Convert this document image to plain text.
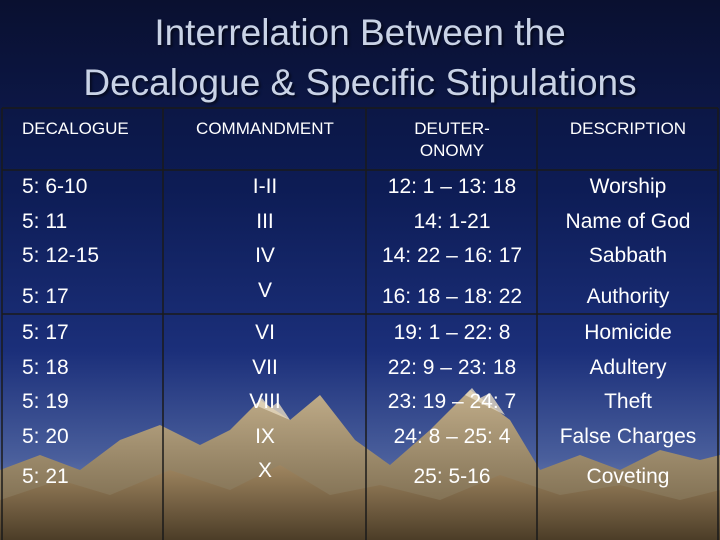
Interrelation Between the
Decalogue & Specific Stipulations
DECALOGUE	COMMANDMENT	DEUTER-
ONOMY
DESCRIPTION
5: 6-10
5: 11
5: 12-15
5: 17
I-II
III
IV
V
12: 1 – 13: 18
14: 1-21
14: 22 – 16: 17
16: 18 – 18: 22
Worship
Name of God
Sabbath
Authority
5: 17
5: 18
5: 19
5: 20
5: 21
VI
VII
VIII
IX
X
19: 1 – 22: 8
22: 9 – 23: 18
23: 19 – 24: 7
24: 8 – 25: 4
25: 5-16
Homicide
Adultery
Theft
False Charges
Coveting
